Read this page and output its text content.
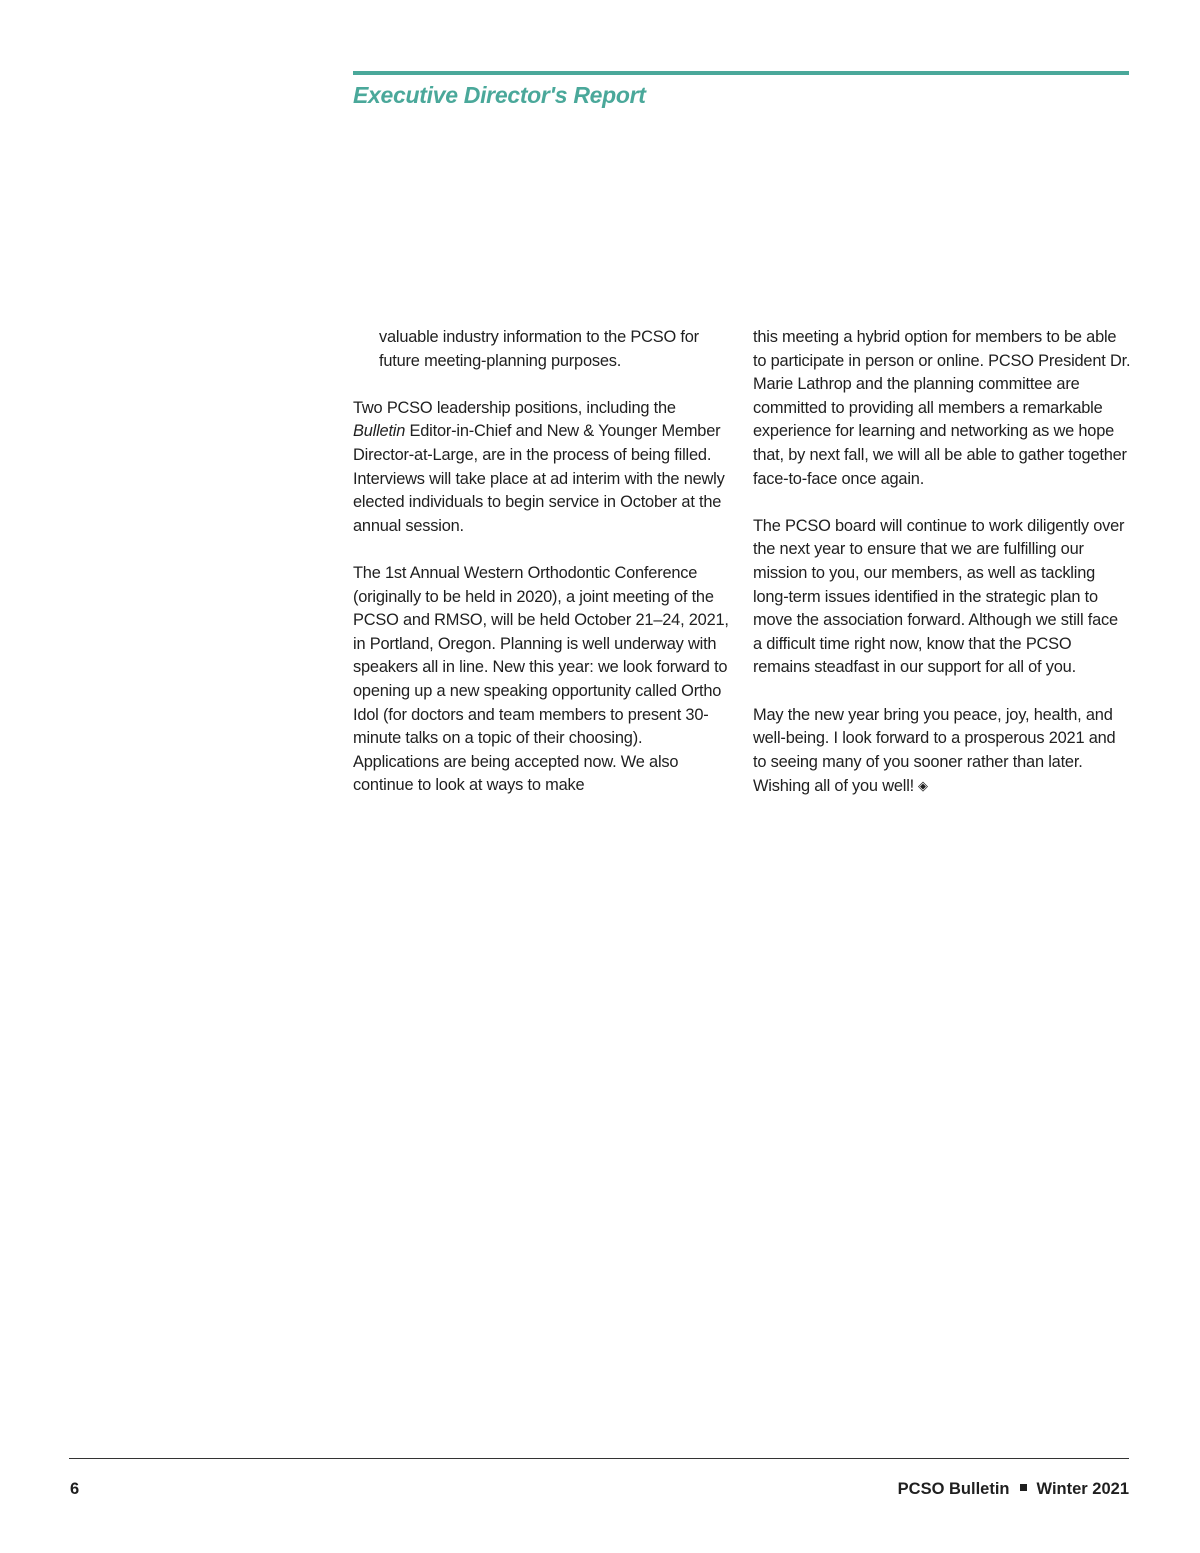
Executive Director's Report

valuable industry information to the PCSO for future meeting-planning purposes.

Two PCSO leadership positions, including the Bulletin Editor-in-Chief and New & Younger Member Director-at-Large, are in the process of being filled. Interviews will take place at ad interim with the newly elected individuals to begin service in October at the annual session.

The 1st Annual Western Orthodontic Conference (originally to be held in 2020), a joint meeting of the PCSO and RMSO, will be held October 21–24, 2021, in Portland, Oregon. Planning is well underway with speakers all in line. New this year: we look forward to opening up a new speaking opportunity called Ortho Idol (for doctors and team members to present 30-minute talks on a topic of their choosing). Applications are being accepted now. We also continue to look at ways to make

this meeting a hybrid option for members to be able to participate in person or online. PCSO President Dr. Marie Lathrop and the planning committee are committed to providing all members a remarkable experience for learning and networking as we hope that, by next fall, we will all be able to gather together face-to-face once again.

The PCSO board will continue to work diligently over the next year to ensure that we are fulfilling our mission to you, our members, as well as tackling long-term issues identified in the strategic plan to move the association forward. Although we still face a difficult time right now, know that the PCSO remains steadfast in our support for all of you.

May the new year bring you peace, joy, health, and well-being. I look forward to a prosperous 2021 and to seeing many of you sooner rather than later. Wishing all of you well! ◈

6	PCSO Bulletin Winter 2021
